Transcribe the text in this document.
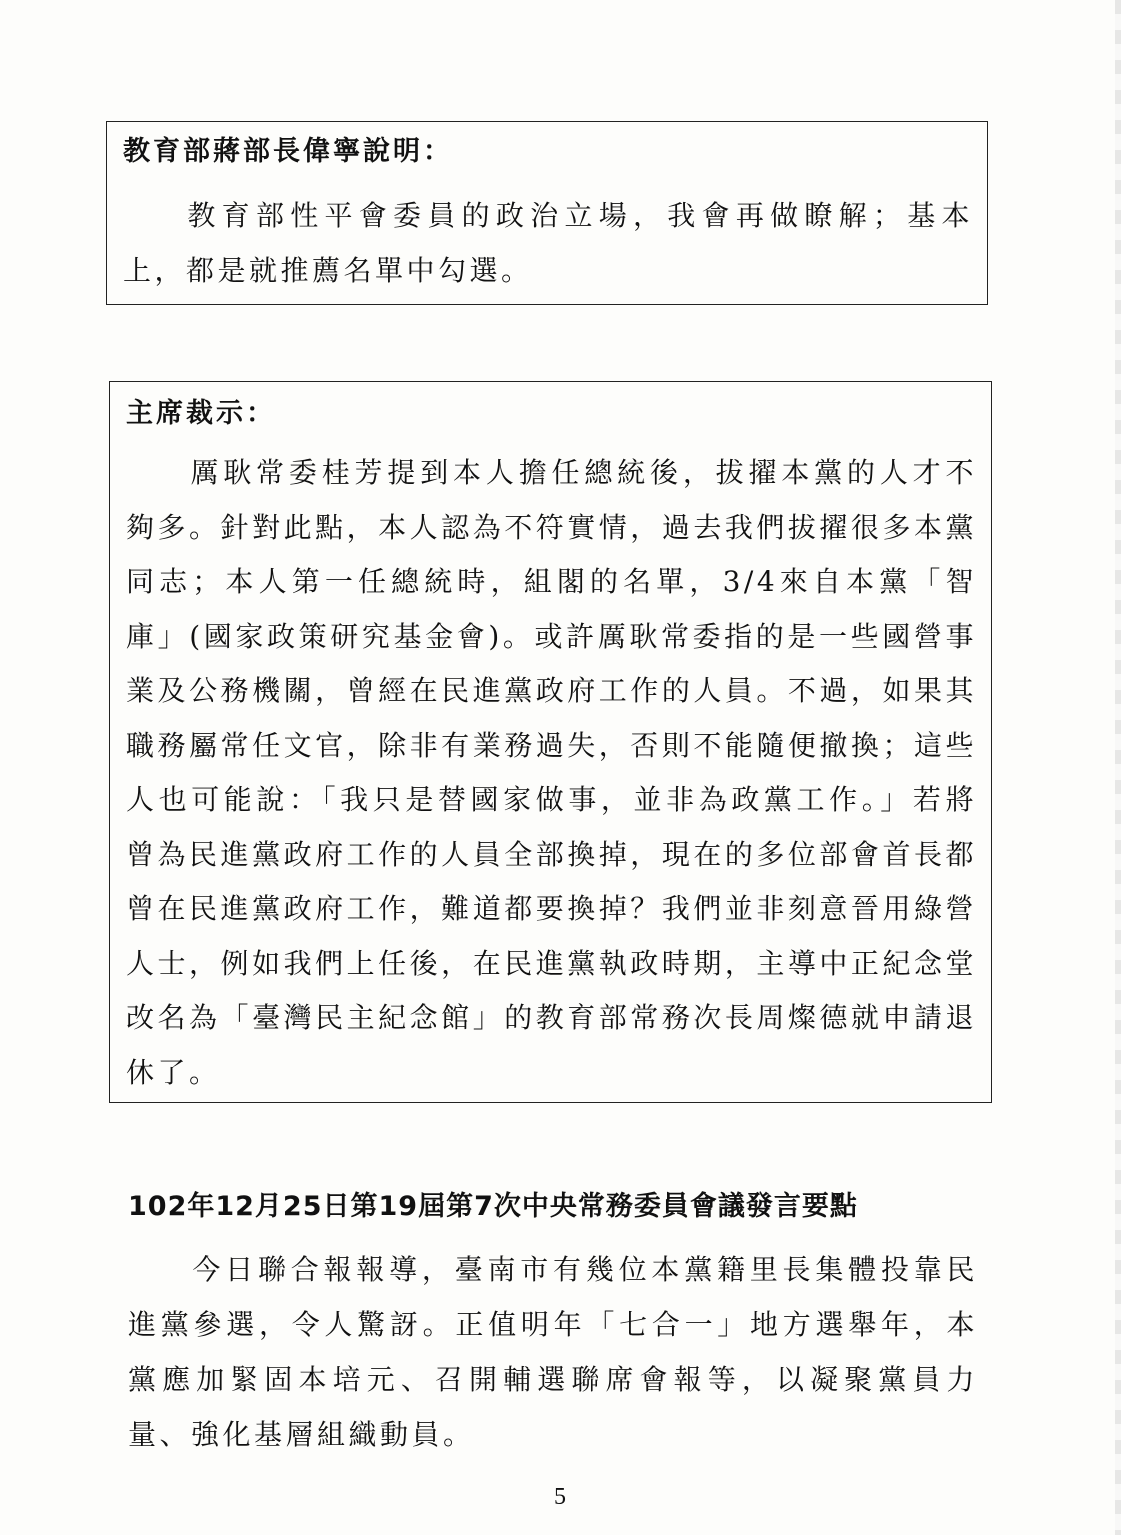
教育部蔣部長偉寧說明：

教育部性平會委員的政治立場，我會再做瞭解；基本上，都是就推薦名單中勾選。

主席裁示：

厲耿常委桂芳提到本人擔任總統後，拔擢本黨的人才不夠多。針對此點，本人認為不符實情，過去我們拔擢很多本黨同志；本人第一任總統時，組閣的名單，3/4來自本黨「智庫」(國家政策研究基金會)。或許厲耿常委指的是一些國營事業及公務機關，曾經在民進黨政府工作的人員。不過，如果其職務屬常任文官，除非有業務過失，否則不能隨便撤換；這些人也可能說：「我只是替國家做事，並非為政黨工作。」若將曾為民進黨政府工作的人員全部換掉，現在的多位部會首長都曾在民進黨政府工作，難道都要換掉？我們並非刻意晉用綠營人士，例如我們上任後，在民進黨執政時期，主導中正紀念堂改名為「臺灣民主紀念館」的教育部常務次長周燦德就申請退休了。

102年12月25日第19屆第7次中央常務委員會議發言要點

今日聯合報報導，臺南市有幾位本黨籍里長集體投靠民進黨參選，令人驚訝。正值明年「七合一」地方選舉年，本黨應加緊固本培元、召開輔選聯席會報等，以凝聚黨員力量、強化基層組織動員。

5
